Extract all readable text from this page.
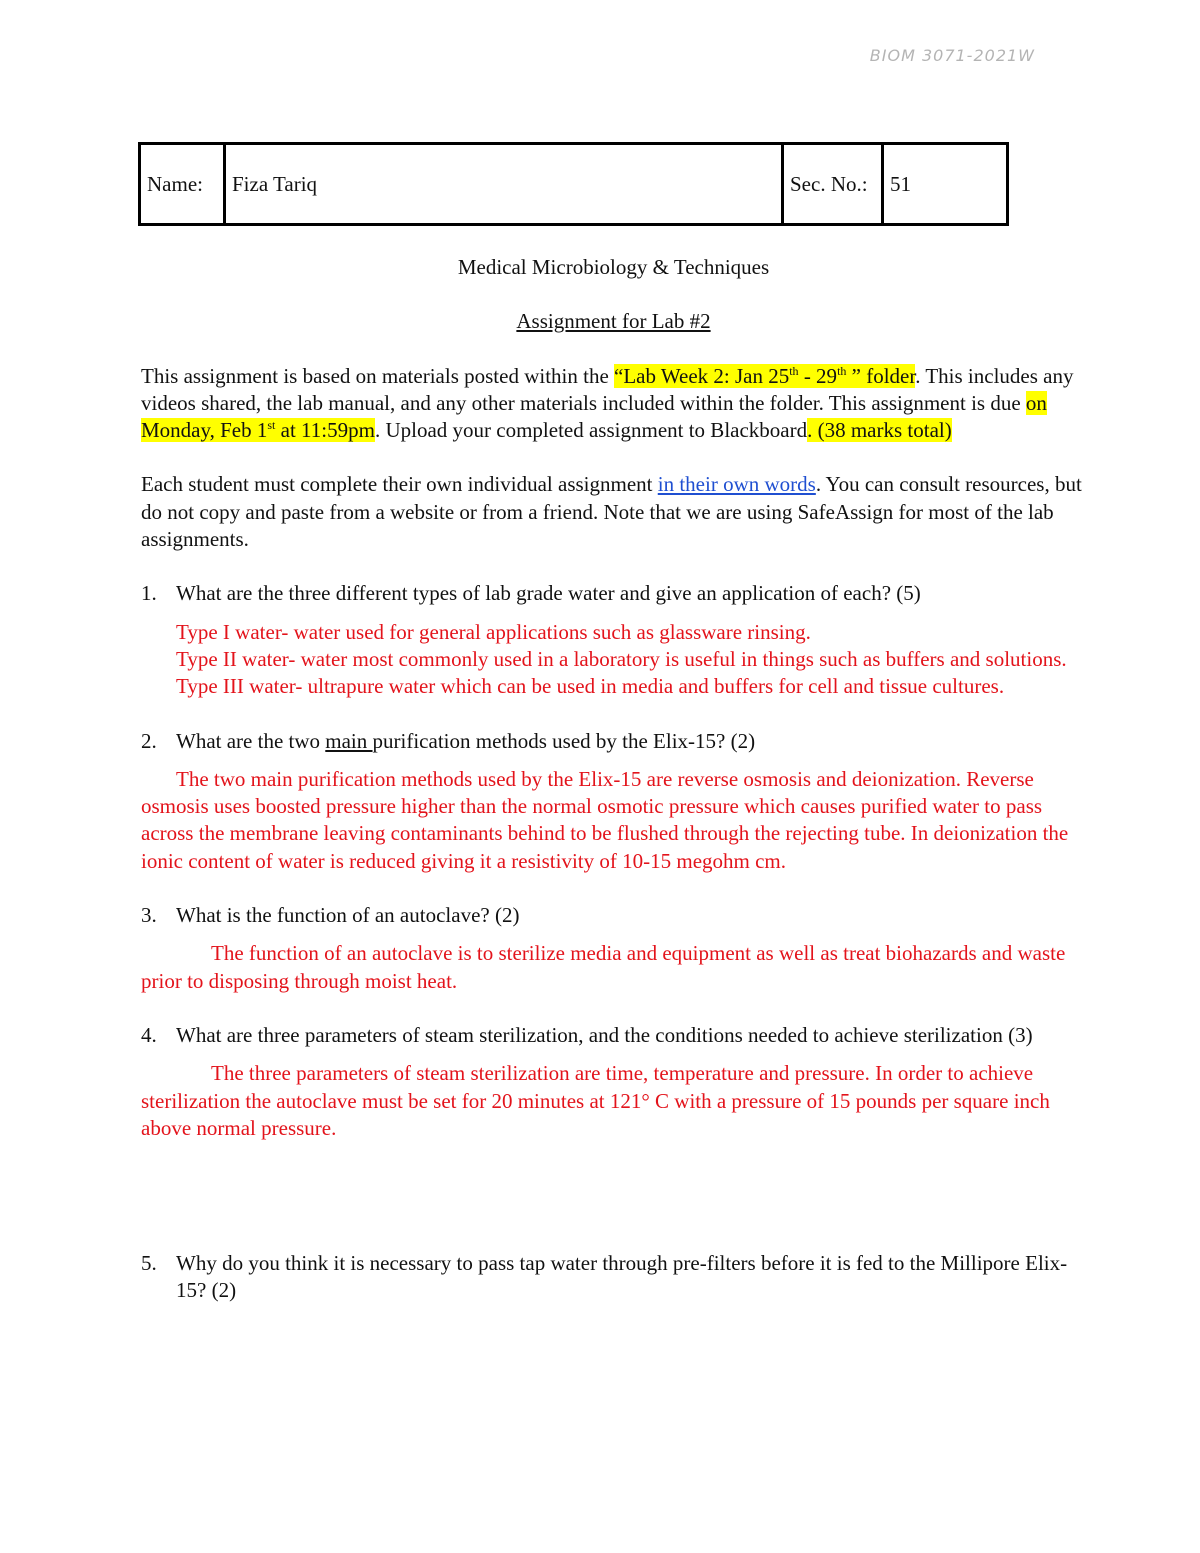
BIOM 3071-2021W
Name:	Fiza Tariq	Sec. No.:	51

Medical Microbiology & Techniques

Assignment for Lab #2

This assignment is based on materials posted within the “Lab Week 2: Jan 25th - 29th ” folder. This includes any videos shared, the lab manual, and any other materials included within the folder. This assignment is due on Monday, Feb 1st at 11:59pm. Upload your completed assignment to Blackboard. (38 marks total)

Each student must complete their own individual assignment in their own words. You can consult resources, but do not copy and paste from a website or from a friend. Note that we are using SafeAssign for most of the lab assignments.

1. What are the three different types of lab grade water and give an application of each? (5)

Type I water- water used for general applications such as glassware rinsing.

Type II water- water most commonly used in a laboratory is useful in things such as buffers and solutions.

Type III water- ultrapure water which can be used in media and buffers for cell and tissue cultures.

2. What are the two main purification methods used by the Elix-15? (2)

The two main purification methods used by the Elix-15 are reverse osmosis and deionization. Reverse osmosis uses boosted pressure higher than the normal osmotic pressure which causes purified water to pass across the membrane leaving contaminants behind to be flushed through the rejecting tube. In deionization the ionic content of water is reduced giving it a resistivity of 10-15 megohm cm.

3. What is the function of an autoclave? (2)

The function of an autoclave is to sterilize media and equipment as well as treat biohazards and waste prior to disposing through moist heat.

4. What are three parameters of steam sterilization, and the conditions needed to achieve sterilization (3)

The three parameters of steam sterilization are time, temperature and pressure. In order to achieve sterilization the autoclave must be set for 20 minutes at 121° C with a pressure of 15 pounds per square inch above normal pressure.

5. Why do you think it is necessary to pass tap water through pre-filters before it is fed to the Millipore Elix-15? (2)
